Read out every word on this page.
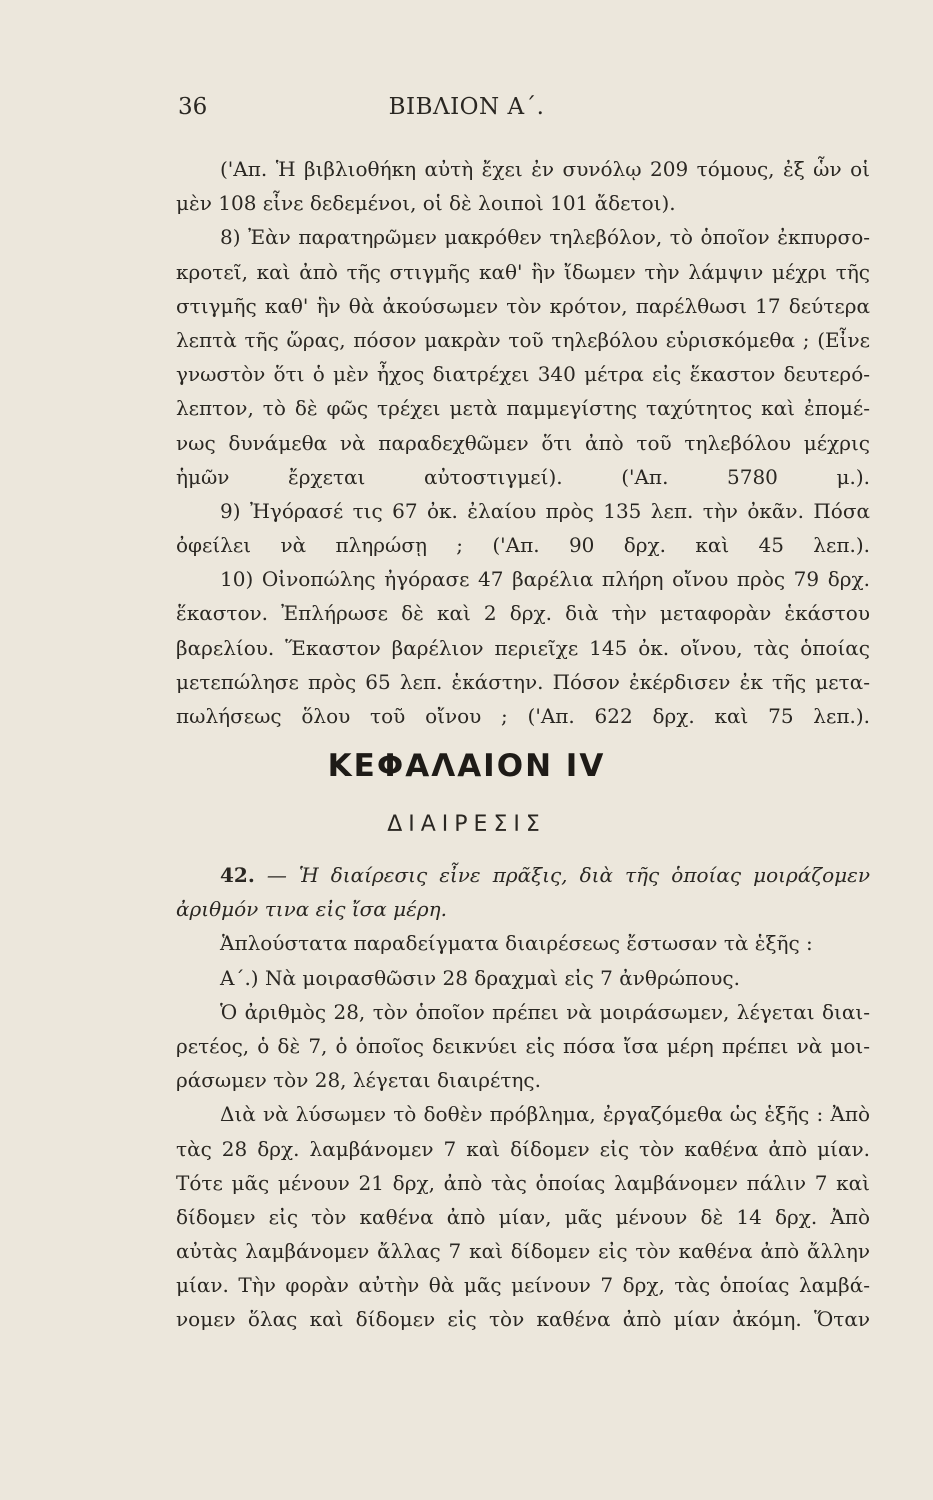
36	ΒΙΒΛΙΟΝ Α΄.
('Απ. Ἡ βιβλιοθήκη αὐτὴ ἔχει ἐν συνόλῳ 209 τόμους, ἐξ ὧν οἱ
μὲν 108 εἶνε δεδεμένοι, οἱ δὲ λοιποὶ 101 ἄδετοι).
8) Ἐὰν παρατηρῶμεν μακρόθεν τηλεβόλον, τὸ ὁποῖον ἐκπυρσο-
κροτεῖ, καὶ ἀπὸ τῆς στιγμῆς καθ' ἣν ἴδωμεν τὴν λάμψιν μέχρι τῆς
στιγμῆς καθ' ἣν θὰ ἀκούσωμεν τὸν κρότον, παρέλθωσι 17 δεύτερα
λεπτὰ τῆς ὥρας, πόσον μακρὰν τοῦ τηλεβόλου εὑρισκόμεθα ; (Εἶνε
γνωστὸν ὅτι ὁ μὲν ἦχος διατρέχει 340 μέτρα εἰς ἕκαστον δευτερό-
λεπτον, τὸ δὲ φῶς τρέχει μετὰ παμμεγίστης ταχύτητος καὶ ἐπομέ-
νως δυνάμεθα νὰ παραδεχθῶμεν ὅτι ἀπὸ τοῦ τηλεβόλου μέχρις
ἡμῶν ἔρχεται αὐτοστιγμεί). ('Απ. 5780 μ.).
9) Ἠγόρασέ τις 67 ὀκ. ἐλαίου πρὸς 135 λεπ. τὴν ὀκᾶν. Πόσα
ὀφείλει νὰ πληρώσῃ ; ('Απ. 90 δρχ. καὶ 45 λεπ.).
10) Οἰνοπώλης ἠγόρασε 47 βαρέλια πλήρη οἴνου πρὸς 79 δρχ.
ἕκαστον. Ἐπλήρωσε δὲ καὶ 2 δρχ. διὰ τὴν μεταφορὰν ἑκάστου
βαρελίου. Ἕκαστον βαρέλιον περιεῖχε 145 ὀκ. οἴνου, τὰς ὁποίας
μετεπώλησε πρὸς 65 λεπ. ἑκάστην. Πόσον ἐκέρδισεν ἐκ τῆς μετα-
πωλήσεως ὅλου τοῦ οἴνου ; ('Απ. 622 δρχ. καὶ 75 λεπ.).
ΚΕΦΑΛΑΙΟΝ IV
ΔΙΑΙΡΕΣΙΣ
42. — Ἡ διαίρεσις εἶνε πρᾶξις, διὰ τῆς ὁποίας μοιράζομεν
ἀριθμόν τινα εἰς ἴσα μέρη.
Ἁπλούστατα παραδείγματα διαιρέσεως ἔστωσαν τὰ ἑξῆς :
Α΄.) Νὰ μοιρασθῶσιν 28 δραχμαὶ εἰς 7 ἀνθρώπους.
Ὁ ἀριθμὸς 28, τὸν ὁποῖον πρέπει νὰ μοιράσωμεν, λέγεται διαι-
ρετέος, ὁ δὲ 7, ὁ ὁποῖος δεικνύει εἰς πόσα ἴσα μέρη πρέπει νὰ μοι-
ράσωμεν τὸν 28, λέγεται διαιρέτης.
Διὰ νὰ λύσωμεν τὸ δοθὲν πρόβλημα, ἐργαζόμεθα ὡς ἑξῆς : Ἀπὸ
τὰς 28 δρχ. λαμβάνομεν 7 καὶ δίδομεν εἰς τὸν καθένα ἀπὸ μίαν.
Τότε μᾶς μένουν 21 δρχ, ἀπὸ τὰς ὁποίας λαμβάνομεν πάλιν 7 καὶ
δίδομεν εἰς τὸν καθένα ἀπὸ μίαν, μᾶς μένουν δὲ 14 δρχ. Ἀπὸ
αὐτὰς λαμβάνομεν ἄλλας 7 καὶ δίδομεν εἰς τὸν καθένα ἀπὸ ἄλλην
μίαν. Τὴν φορὰν αὐτὴν θὰ μᾶς μείνουν 7 δρχ, τὰς ὁποίας λαμβά-
νομεν ὅλας καὶ δίδομεν εἰς τὸν καθένα ἀπὸ μίαν ἀκόμη. Ὅταν
